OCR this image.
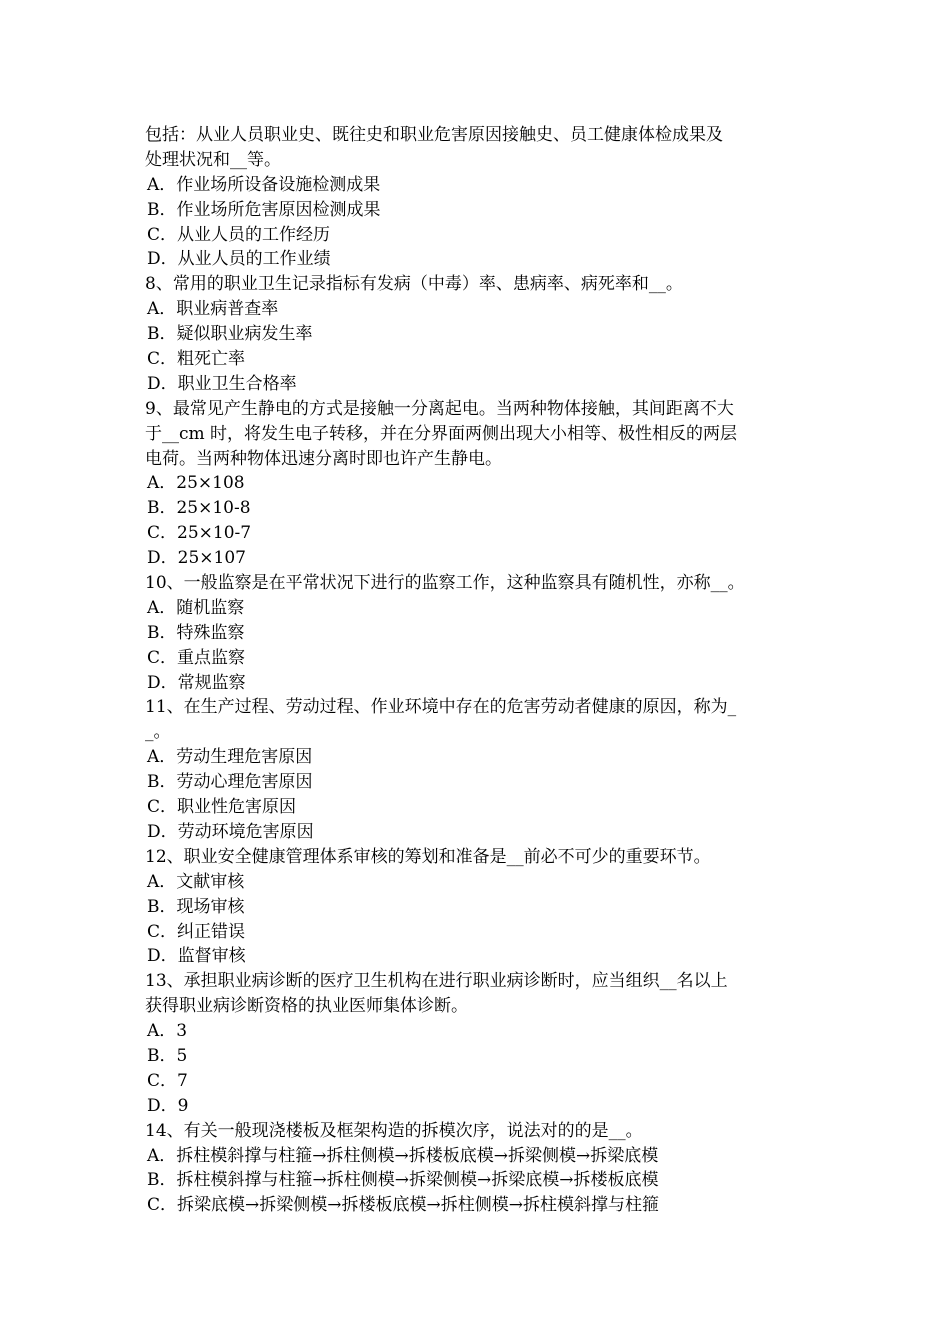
包括：从业人员职业史、既往史和职业危害原因接触史、员工健康体检成果及
处理状况和__等。
A．作业场所设备设施检测成果
B．作业场所危害原因检测成果
C．从业人员的工作经历
D．从业人员的工作业绩
8、常用的职业卫生记录指标有发病（中毒）率、患病率、病死率和__。
A．职业病普查率
B．疑似职业病发生率
C．粗死亡率
D．职业卫生合格率
9、最常见产生静电的方式是接触一分离起电。当两种物体接触，其间距离不大
于__cm 时，将发生电子转移，并在分界面两侧出现大小相等、极性相反的两层
电荷。当两种物体迅速分离时即也许产生静电。
A．25×108
B．25×10-8
C．25×10-7
D．25×107
10、一般监察是在平常状况下进行的监察工作，这种监察具有随机性，亦称__。
A．随机监察
B．特殊监察
C．重点监察
D．常规监察
11、在生产过程、劳动过程、作业环境中存在的危害劳动者健康的原因，称为_
_。
A．劳动生理危害原因
B．劳动心理危害原因
C．职业性危害原因
D．劳动环境危害原因
12、职业安全健康管理体系审核的筹划和准备是__前必不可少的重要环节。
A．文献审核
B．现场审核
C．纠正错误
D．监督审核
13、承担职业病诊断的医疗卫生机构在进行职业病诊断时，应当组织__名以上
获得职业病诊断资格的执业医师集体诊断。
A．3
B．5
C．7
D．9
14、有关一般现浇楼板及框架构造的拆模次序，说法对的的是__。
A．拆柱模斜撑与柱箍→拆柱侧模→拆楼板底模→拆梁侧模→拆梁底模
B．拆柱模斜撑与柱箍→拆柱侧模→拆梁侧模→拆梁底模→拆楼板底模
C．拆梁底模→拆梁侧模→拆楼板底模→拆柱侧模→拆柱模斜撑与柱箍
